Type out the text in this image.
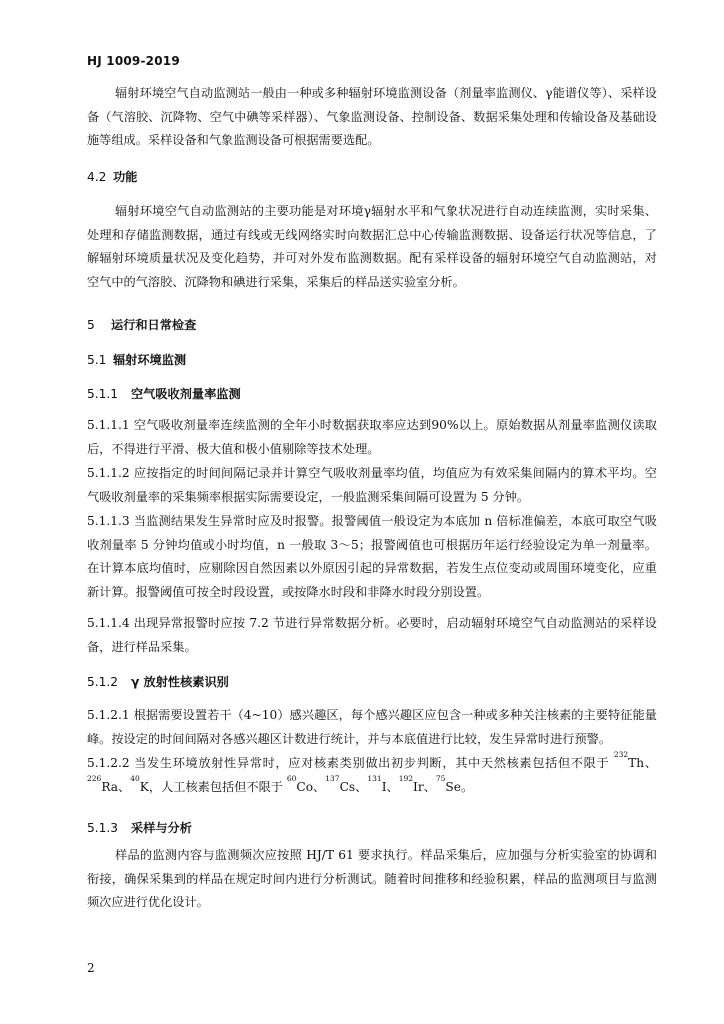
HJ 1009-2019

辐射环境空气自动监测站一般由一种或多种辐射环境监测设备（剂量率监测仪、γ能谱仪等）、采样设备（气溶胶、沉降物、空气中碘等采样器）、气象监测设备、控制设备、数据采集处理和传输设备及基础设施等组成。采样设备和气象监测设备可根据需要选配。

4.2 功能

辐射环境空气自动监测站的主要功能是对环境γ辐射水平和气象状况进行自动连续监测，实时采集、处理和存储监测数据，通过有线或无线网络实时向数据汇总中心传输监测数据、设备运行状况等信息，了解辐射环境质量状况及变化趋势，并可对外发布监测数据。配有采样设备的辐射环境空气自动监测站，对空气中的气溶胶、沉降物和碘进行采集，采集后的样品送实验室分析。

5 运行和日常检查
5.1 辐射环境监测
5.1.1 空气吸收剂量率监测

5.1.1.1 空气吸收剂量率连续监测的全年小时数据获取率应达到90%以上。原始数据从剂量率监测仪读取后，不得进行平滑、极大值和极小值剔除等技术处理。

5.1.1.2 应按指定的时间间隔记录并计算空气吸收剂量率均值，均值应为有效采集间隔内的算术平均。空气吸收剂量率的采集频率根据实际需要设定，一般监测采集间隔可设置为 5 分钟。

5.1.1.3 当监测结果发生异常时应及时报警。报警阈值一般设定为本底加 n 倍标准偏差，本底可取空气吸收剂量率 5 分钟均值或小时均值，n 一般取 3～5；报警阈值也可根据历年运行经验设定为单一剂量率。在计算本底均值时，应剔除因自然因素以外原因引起的异常数据，若发生点位变动或周围环境变化，应重新计算。报警阈值可按全时段设置，或按降水时段和非降水时段分别设置。

5.1.1.4 出现异常报警时应按 7.2 节进行异常数据分析。必要时，启动辐射环境空气自动监测站的采样设备，进行样品采集。

5.1.2 γ 放射性核素识别

5.1.2.1 根据需要设置若干（4~10）感兴趣区，每个感兴趣区应包含一种或多种关注核素的主要特征能量峰。按设定的时间间隔对各感兴趣区计数进行统计，并与本底值进行比较，发生异常时进行预警。

5.1.2.2 当发生环境放射性异常时，应对核素类别做出初步判断，其中天然核素包括但不限于 $^{232}$Th、$^{226}$Ra、$^{40}$K，人工核素包括但不限于 $^{60}$Co、$^{137}$Cs、$^{131}$I、$^{192}$Ir、$^{75}$Se。

5.1.3 采样与分析

样品的监测内容与监测频次应按照 HJ/T 61 要求执行。样品采集后，应加强与分析实验室的协调和衔接，确保采集到的样品在规定时间内进行分析测试。随着时间推移和经验积累，样品的监测项目与监测频次应进行优化设计。

2
